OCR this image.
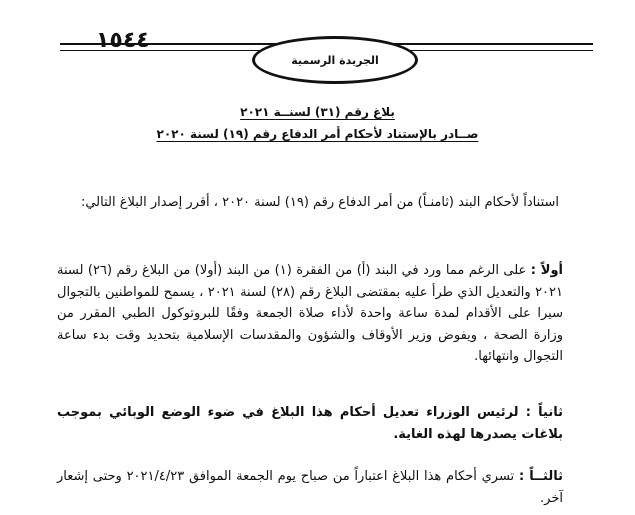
١٥٤٤
الجريدة الرسمية
بلاغ رقم (٣١) لسنــة ٢٠٢١
صــادر بالإستناد لأحكام أمر الدفاع رقم (١٩) لسنة ٢٠٢٠
استناداً لأحكام البند (ثامنـاً) من أمر الدفاع رقم (١٩) لسنة ٢٠٢٠ ، أقرر إصدار البلاغ التالي:
أولاً : على الرغم مما ورد في البند (أ) من الفقرة (١) من البند (أولا) من البلاغ رقم (٢٦) لسنة ٢٠٢١ والتعديل الذي طرأ عليه بمقتضى البلاغ رقم (٢٨) لسنة ٢٠٢١ ، يسمح للمواطنين بالتجوال سيرا على الأقدام لمدة ساعة واحدة لأداء صلاة الجمعة وفقًا للبروتوكول الطبي المقرر من وزارة الصحة ، ويفوض وزير الأوقاف والشؤون والمقدسات الإسلامية بتحديد وقت بدء ساعة التجوال وانتهائها.
ثانياً : لرئيس الوزراء تعديل أحكام هذا البلاغ في ضوء الوضع الوبائي بموجب بلاغات يصدرها لهذه الغاية.
ثالثــاً : تسري أحكام هذا البلاغ اعتباراً من صباح يوم الجمعة الموافق ٢٠٢١/٤/٢٣ وحتى إشعار آخر.
